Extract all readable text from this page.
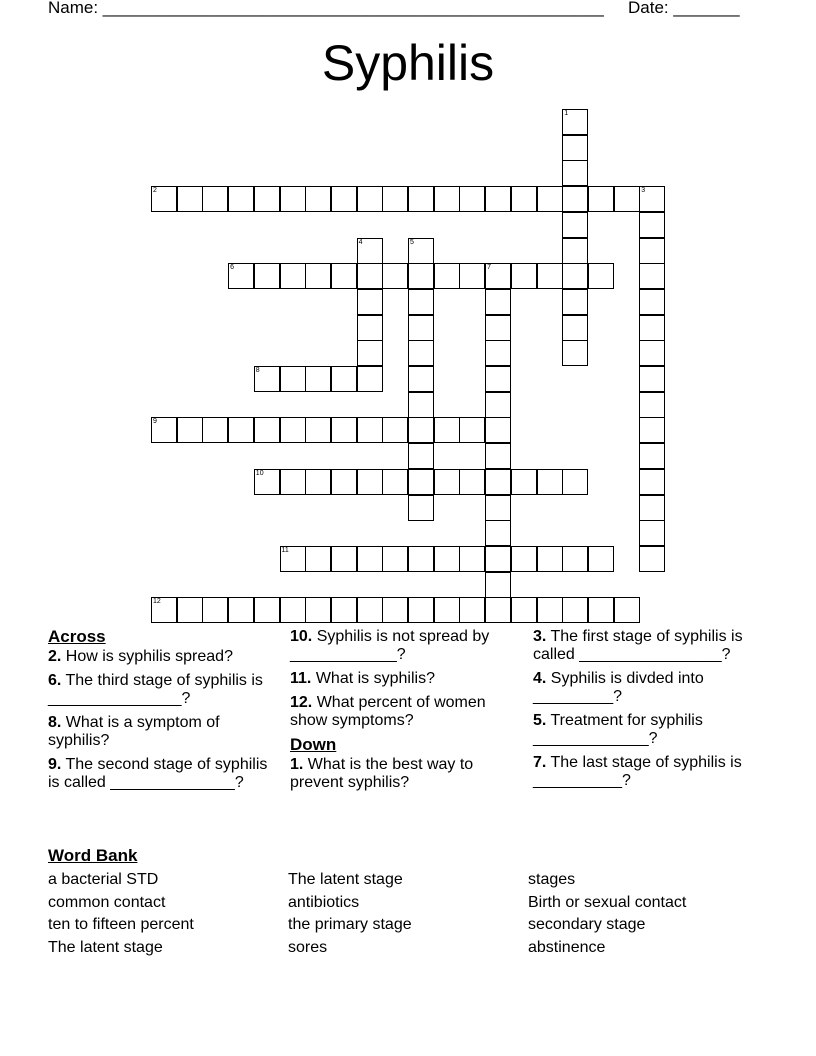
Name: _____________________________________________________ Date: _______
Syphilis
1
2	3
4	5
6	7
8
9
10
11
12
Across
2. How is syphilis spread?
6. The third stage of syphilis is _______________?
8. What is a symptom of syphilis?
9. The second stage of syphilis is called ______________?
10. Syphilis is not spread by ____________?
11. What is syphilis?
12. What percent of women show symptoms?
Down
1. What is the best way to prevent syphilis?
3. The first stage of syphilis is called ________________?
4. Syphilis is divded into _________?
5. Treatment for syphilis _____________?
7. The last stage of syphilis is __________?
Word Bank
a bacterial STD
common contact
ten to fifteen percent
The latent stage
The latent stage
antibiotics
the primary stage
sores
stages
Birth or sexual contact
secondary stage
abstinence
